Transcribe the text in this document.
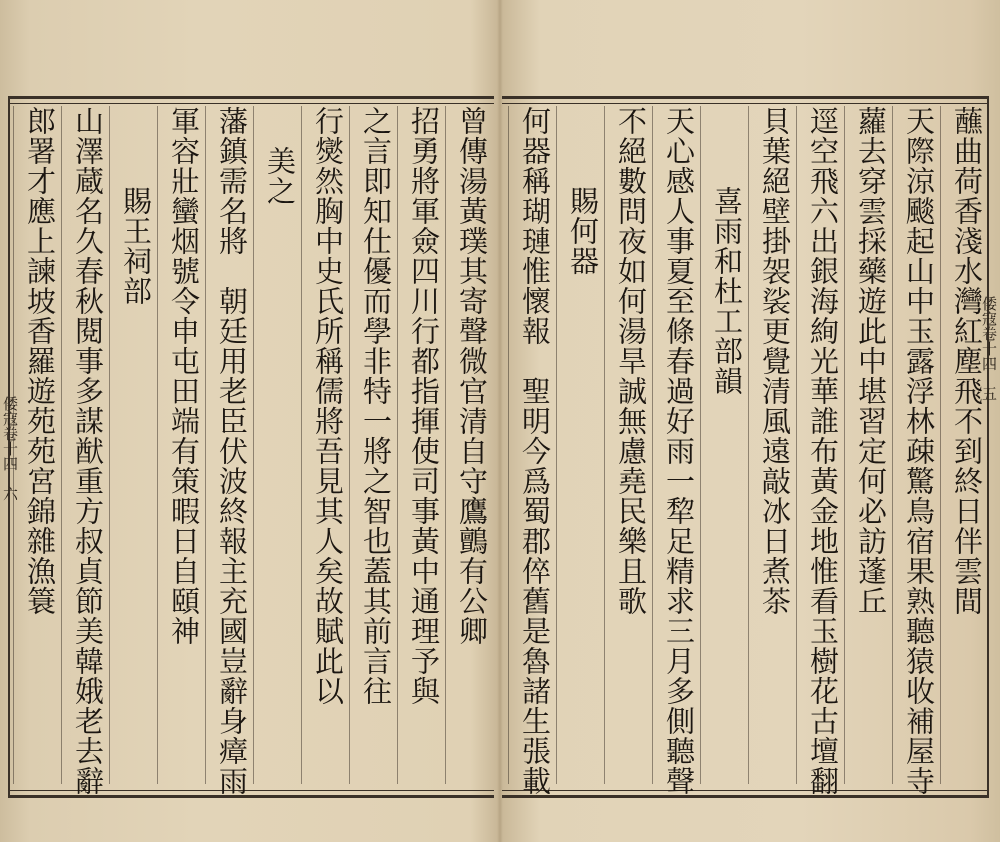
蘸曲荷香淺水灣紅塵飛不到終日伴雲間
天際涼颷起山中玉露浮林疎驚鳥宿果熟聽猿收補屋寺
蘿去穿雲採藥遊此中堪習定何必訪蓬丘
逕空飛六出銀海絢光華誰布黃金地惟看玉樹花古壇翻
貝葉絕壁掛袈裟更覺清風遠敲冰日煮茶
喜雨和杜工部韻
天心感人事夏至條春過好雨一犂足精求三月多側聽聲
不絕數問夜如何湯旱誠無慮堯民樂且歌
賜何器
何器稱瑚璉惟懷報　聖明今爲蜀郡倅舊是魯諸生張載
曾傳湯黃璞其寄聲微官清自守鷹鸇有公卿
招勇將軍僉四川行都指揮使司事黃中通理予與
之言即知仕優而學非特一將之智也蓋其前言往
行爕然胸中史氏所稱儒將吾見其人矣故賦此以
美之
藩鎮需名將　朝廷用老臣伏波終報主充國豈辭身瘴雨
軍容壯蠻烟號令申屯田端有策暇日自頤神
賜王祠部
山澤蔵名久春秋閱事多謀猷重方叔貞節美韓娥老去辭
郎署才應上諫坡香羅遊苑苑宮錦雜漁簑	倭寇卷十四　五
倭寇卷十四　六
